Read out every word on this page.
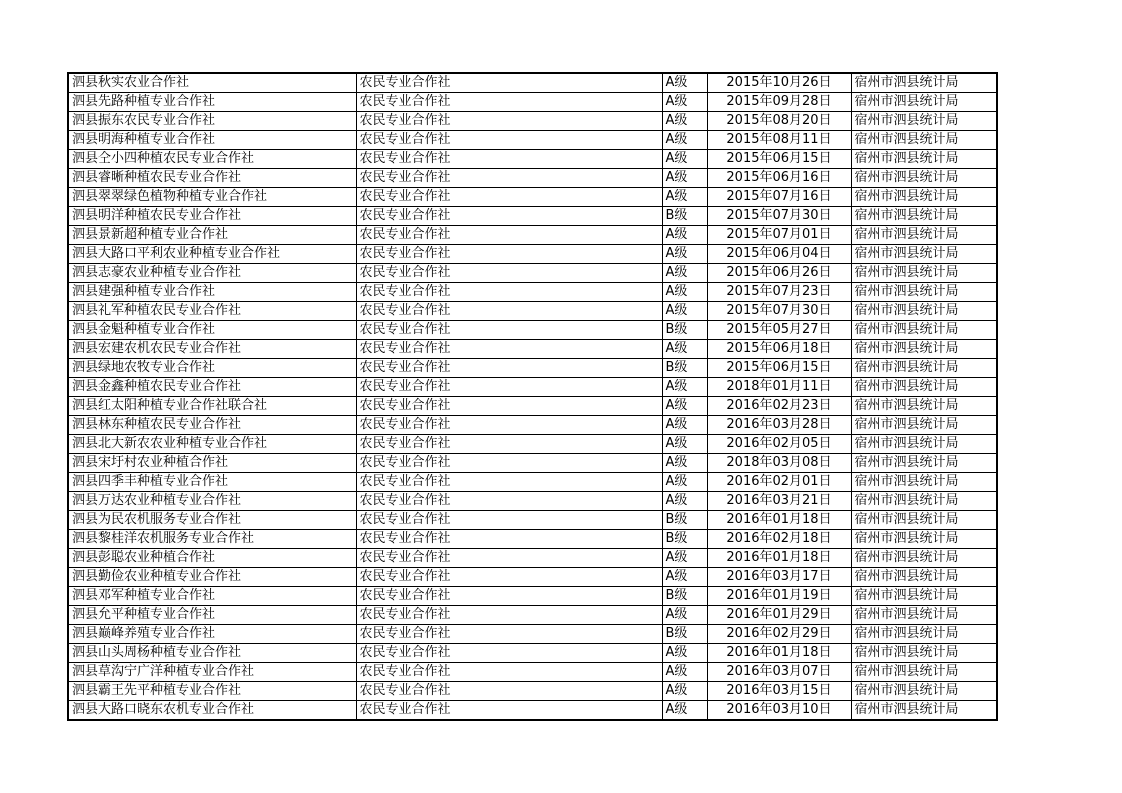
泗县秋实农业合作社	农民专业合作社	A级	2015年10月26日	宿州市泗县统计局
泗县先路种植专业合作社	农民专业合作社	A级	2015年09月28日	宿州市泗县统计局
泗县振东农民专业合作社	农民专业合作社	A级	2015年08月20日	宿州市泗县统计局
泗县明海种植专业合作社	农民专业合作社	A级	2015年08月11日	宿州市泗县统计局
泗县仝小四种植农民专业合作社	农民专业合作社	A级	2015年06月15日	宿州市泗县统计局
泗县睿晰种植农民专业合作社	农民专业合作社	A级	2015年06月16日	宿州市泗县统计局
泗县翠翠绿色植物种植专业合作社	农民专业合作社	A级	2015年07月16日	宿州市泗县统计局
泗县明洋种植农民专业合作社	农民专业合作社	B级	2015年07月30日	宿州市泗县统计局
泗县景新超种植专业合作社	农民专业合作社	A级	2015年07月01日	宿州市泗县统计局
泗县大路口平利农业种植专业合作社	农民专业合作社	A级	2015年06月04日	宿州市泗县统计局
泗县志豪农业种植专业合作社	农民专业合作社	A级	2015年06月26日	宿州市泗县统计局
泗县建强种植专业合作社	农民专业合作社	A级	2015年07月23日	宿州市泗县统计局
泗县礼军种植农民专业合作社	农民专业合作社	A级	2015年07月30日	宿州市泗县统计局
泗县金魁种植专业合作社	农民专业合作社	B级	2015年05月27日	宿州市泗县统计局
泗县宏建农机农民专业合作社	农民专业合作社	A级	2015年06月18日	宿州市泗县统计局
泗县绿地农牧专业合作社	农民专业合作社	B级	2015年06月15日	宿州市泗县统计局
泗县金鑫种植农民专业合作社	农民专业合作社	A级	2018年01月11日	宿州市泗县统计局
泗县红太阳种植专业合作社联合社	农民专业合作社	A级	2016年02月23日	宿州市泗县统计局
泗县林东种植农民专业合作社	农民专业合作社	A级	2016年03月28日	宿州市泗县统计局
泗县北大新农农业种植专业合作社	农民专业合作社	A级	2016年02月05日	宿州市泗县统计局
泗县宋圩村农业种植合作社	农民专业合作社	A级	2018年03月08日	宿州市泗县统计局
泗县四季丰种植专业合作社	农民专业合作社	A级	2016年02月01日	宿州市泗县统计局
泗县万达农业种植专业合作社	农民专业合作社	A级	2016年03月21日	宿州市泗县统计局
泗县为民农机服务专业合作社	农民专业合作社	B级	2016年01月18日	宿州市泗县统计局
泗县黎桂洋农机服务专业合作社	农民专业合作社	B级	2016年02月18日	宿州市泗县统计局
泗县彭聪农业种植合作社	农民专业合作社	A级	2016年01月18日	宿州市泗县统计局
泗县勤俭农业种植专业合作社	农民专业合作社	A级	2016年03月17日	宿州市泗县统计局
泗县邓军种植专业合作社	农民专业合作社	B级	2016年01月19日	宿州市泗县统计局
泗县允平种植专业合作社	农民专业合作社	A级	2016年01月29日	宿州市泗县统计局
泗县巅峰养殖专业合作社	农民专业合作社	B级	2016年02月29日	宿州市泗县统计局
泗县山头周杨种植专业合作社	农民专业合作社	A级	2016年01月18日	宿州市泗县统计局
泗县草沟宁广洋种植专业合作社	农民专业合作社	A级	2016年03月07日	宿州市泗县统计局
泗县霸王先平种植专业合作社	农民专业合作社	A级	2016年03月15日	宿州市泗县统计局
泗县大路口晓东农机专业合作社	农民专业合作社	A级	2016年03月10日	宿州市泗县统计局
